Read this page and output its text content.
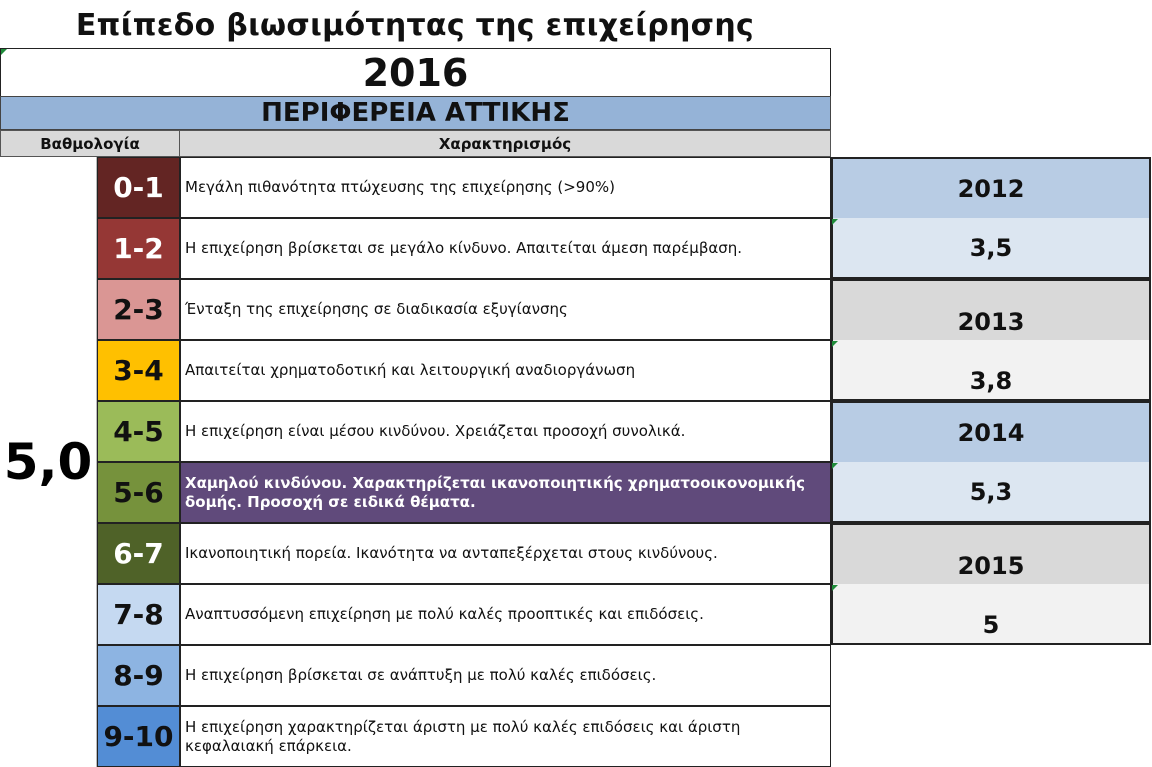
Επίπεδο βιωσιμότητας της επιχείρησης
2016
ΠΕΡΙΦΕΡΕΙΑ ΑΤΤΙΚΗΣ
Βαθμολογία	Χαρακτηρισμός
5,0
0-1	Μεγάλη πιθανότητα πτώχευσης της επιχείρησης (>90%)
1-2	Η επιχείρηση βρίσκεται σε μεγάλο κίνδυνο. Απαιτείται άμεση παρέμβαση.
2-3	Ένταξη της επιχείρησης σε διαδικασία εξυγίανσης
3-4	Απαιτείται χρηματοδοτική και λειτουργική αναδιοργάνωση
4-5	Η επιχείρηση είναι μέσου κινδύνου. Χρειάζεται προσοχή συνολικά.
5-6	Χαμηλού κινδύνου. Χαρακτηρίζεται ικανοποιητικής χρηματοοικονομικής δομής. Προσοχή σε ειδικά θέματα.
6-7	Ικανοποιητική πορεία. Ικανότητα να ανταπεξέρχεται στους κινδύνους.
7-8	Αναπτυσσόμενη επιχείρηση με πολύ καλές προοπτικές και επιδόσεις.
8-9	Η επιχείρηση βρίσκεται σε ανάπτυξη με πολύ καλές επιδόσεις.
9-10 Η επιχείρηση χαρακτηρίζεται άριστη με πολύ καλές επιδόσεις και άριστη κεφαλαιακή επάρκεια.
2012
3,5
2013
3,8
2014
5,3
2015
5
